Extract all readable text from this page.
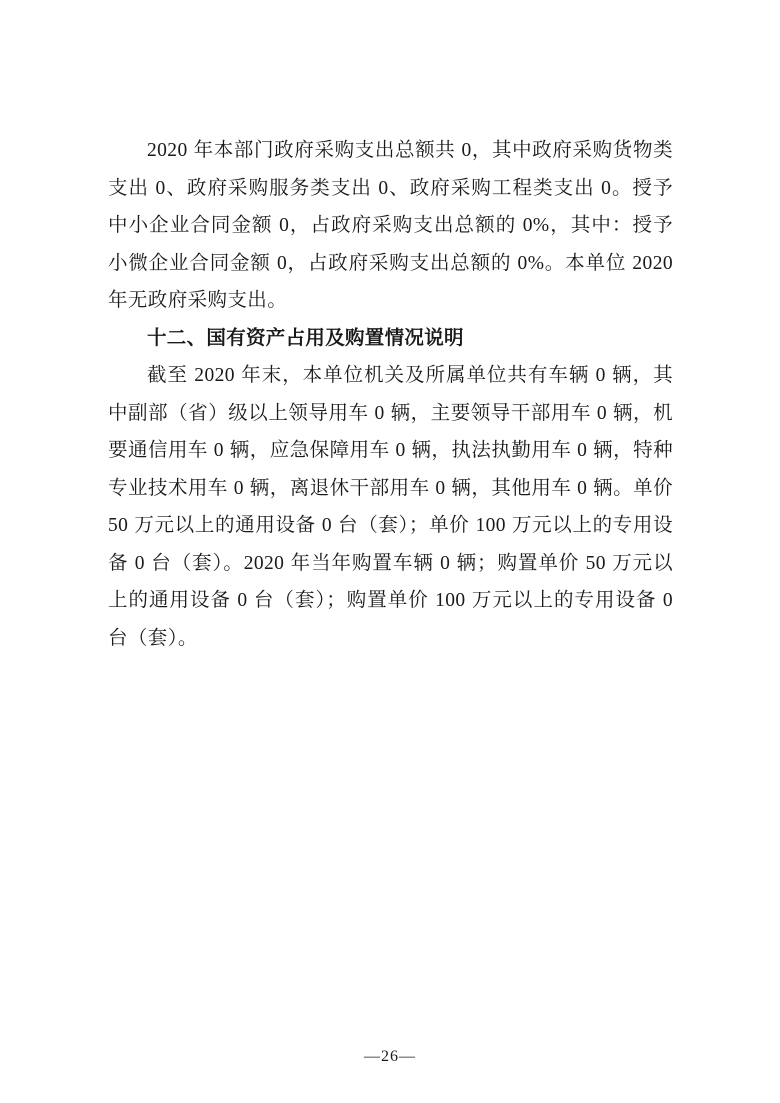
2020 年本部门政府采购支出总额共 0，其中政府采购货物类支出 0、政府采购服务类支出 0、政府采购工程类支出 0。授予中小企业合同金额 0，占政府采购支出总额的 0%，其中：授予小微企业合同金额 0，占政府采购支出总额的 0%。本单位 2020 年无政府采购支出。

十二、国有资产占用及购置情况说明

截至 2020 年末，本单位机关及所属单位共有车辆 0 辆，其中副部（省）级以上领导用车 0 辆，主要领导干部用车 0 辆，机要通信用车 0 辆，应急保障用车 0 辆，执法执勤用车 0 辆，特种专业技术用车 0 辆，离退休干部用车 0 辆，其他用车 0 辆。单价 50 万元以上的通用设备 0 台（套）；单价 100 万元以上的专用设备 0 台（套）。2020 年当年购置车辆 0 辆；购置单价 50 万元以上的通用设备 0 台（套）；购置单价 100 万元以上的专用设备 0 台（套）。

—26—
